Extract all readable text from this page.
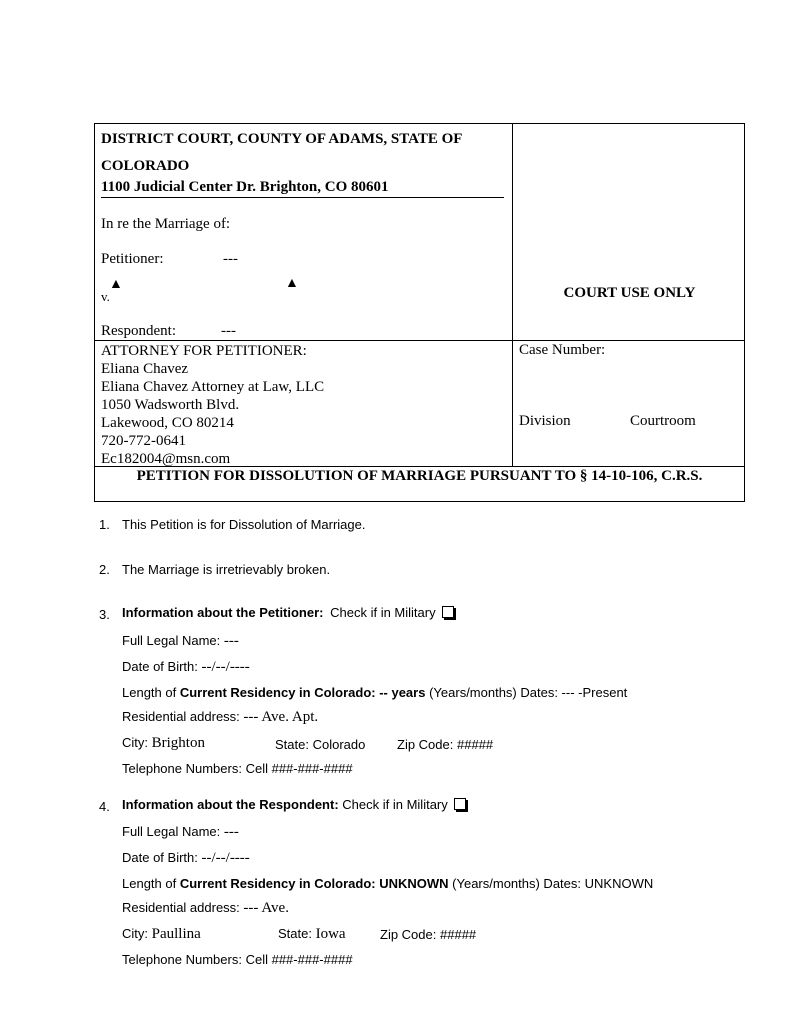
DISTRICT COURT, COUNTY OF ADAMS, STATE OF
COLORADO
1100 Judicial Center Dr. Brighton, CO 80601
In re the Marriage of:
Petitioner:	---
▲	▲
v.
Respondent:	---
COURT USE ONLY
ATTORNEY FOR PETITIONER:
Eliana Chavez
Eliana Chavez Attorney at Law, LLC
1050 Wadsworth Blvd.
Lakewood, CO 80214
720-772-0641
Ec182004@msn.com
Case Number:
Division	Courtroom
PETITION FOR DISSOLUTION OF MARRIAGE PURSUANT TO § 14-10-106, C.R.S.
1. This Petition is for Dissolution of Marriage.
2. The Marriage is irretrievably broken.
3. Information about the Petitioner: Check if in Military
Full Legal Name: ---
Date of Birth: --/--/----
Length of Current Residency in Colorado: -- years (Years/months) Dates: --- -Present
Residential address: --- Ave. Apt.
City: Brighton	State: Colorado Zip Code: #####
Telephone Numbers: Cell ###-###-####
4. Information about the Respondent: Check if in Military
Full Legal Name: ---
Date of Birth: --/--/----
Length of Current Residency in Colorado: UNKNOWN (Years/months) Dates: UNKNOWN
Residential address: --- Ave.
City: Paullina	State: Iowa	Zip Code: #####
Telephone Numbers: Cell ###-###-####
